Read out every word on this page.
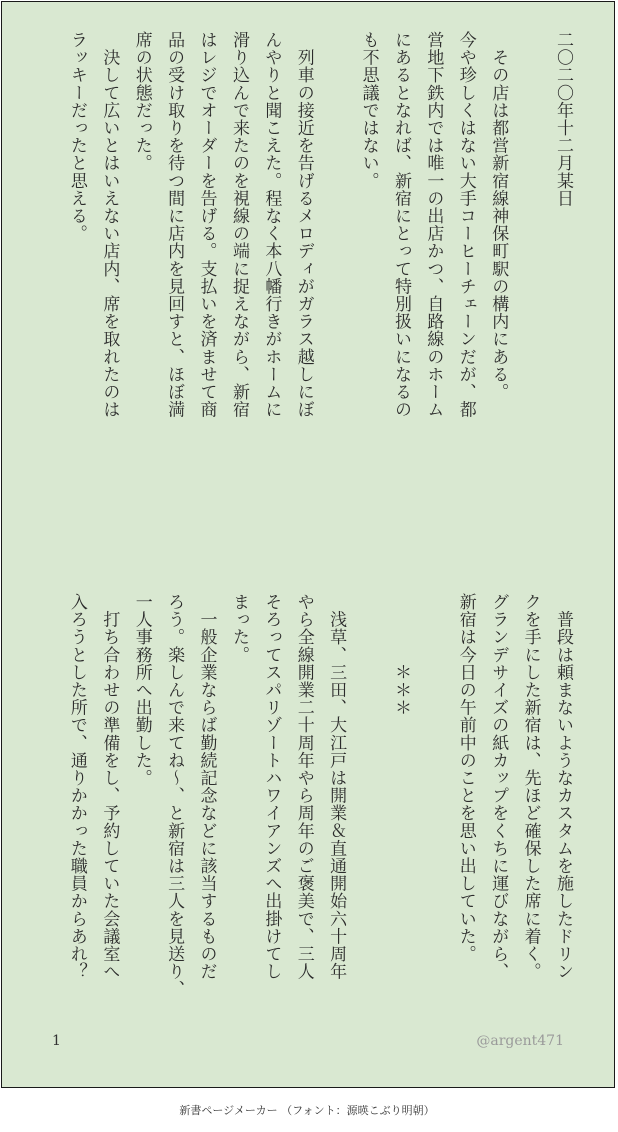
二〇二〇年十二月某日

　その店は都営新宿線神保町駅の構内にある。
今や珍しくはない大手コーヒーチェーンだが、都
営地下鉄内では唯一の出店かつ、自路線のホーム
にあるとなれば、新宿にとって特別扱いになるの
も不思議ではない。

　列車の接近を告げるメロディがガラス越しにぼ
んやりと聞こえた。程なく本八幡行きがホームに
滑り込んで来たのを視線の端に捉えながら、新宿
はレジでオーダーを告げる。支払いを済ませて商
品の受け取りを待つ間に店内を見回すと、ほぼ満
席の状態だった。
　決して広いとはいえない店内、席を取れたのは
ラッキーだったと思える。
　普段は頼まないようなカスタムを施したドリン
クを手にした新宿は、先ほど確保した席に着く。
グランデサイズの紙カップをくちに運びながら、
新宿は今日の午前中のことを思い出していた。

　　　　＊＊＊

　浅草、三田、大江戸は開業＆直通開始六十周年
やら全線開業二十周年やら周年のご褒美で、三人
そろってスパリゾートハワイアンズへ出掛けてし
まった。
　一般企業ならば勤続記念などに該当するものだ
ろう。楽しんで来てね〜、と新宿は三人を見送り、
一人事務所へ出勤した。
　打ち合わせの準備をし、予約していた会議室へ
入ろうとした所で、通りかかった職員からあれ？
1	@argent471
新書ページメーカー （フォント：源暎こぶり明朝）
